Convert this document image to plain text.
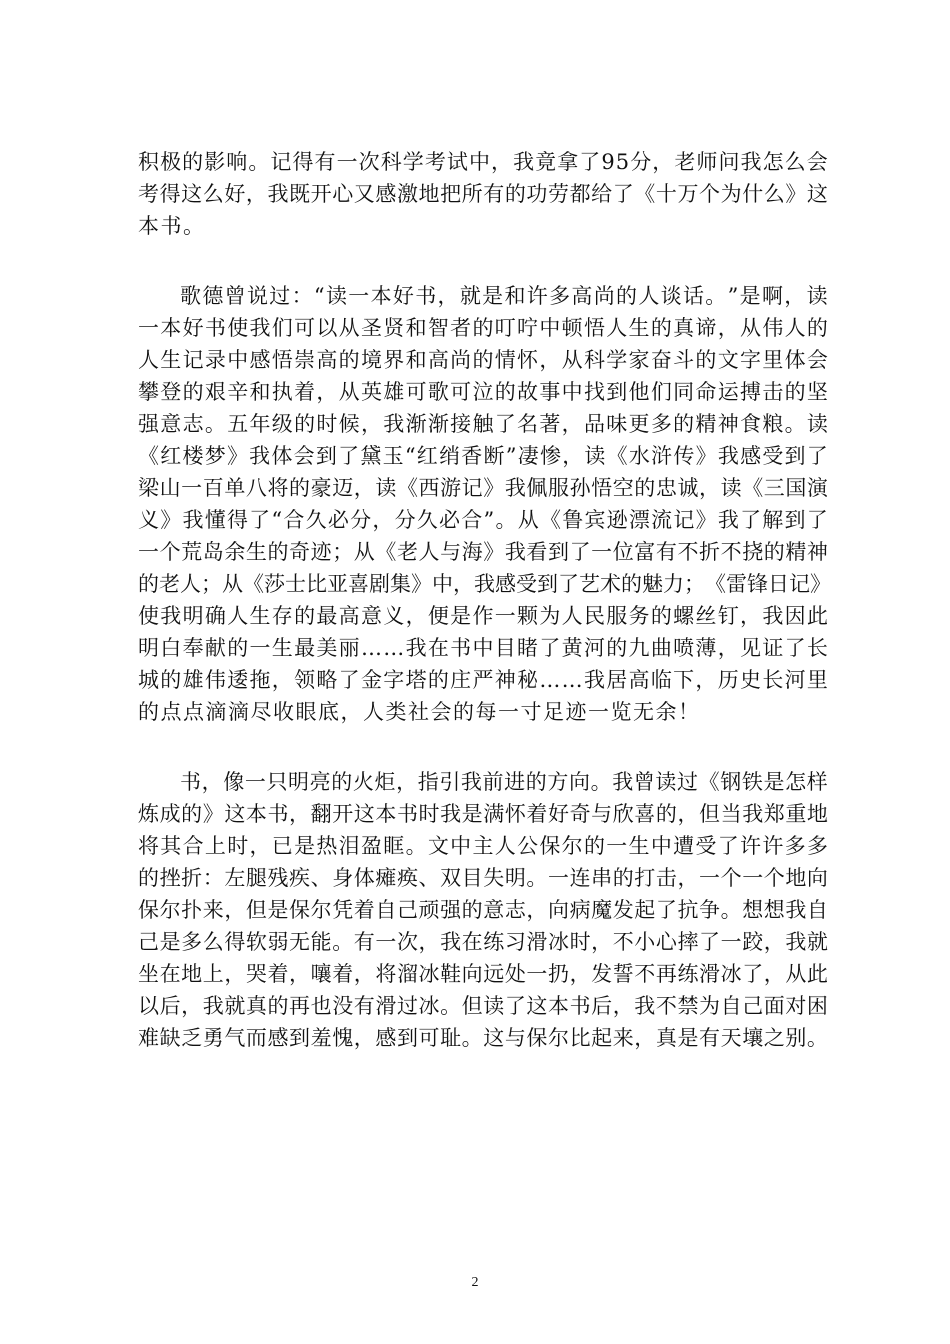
积 极 的 影 响 。 记 得 有 一 次 科 学 考 试 中 ， 我 竟 拿 了 9 5 分 ， 老 师 问 我 怎 么 会
考 得 这 么 好 ， 我 既 开 心 又 感 激 地 把 所 有 的 功 劳 都 给 了 《 十 万 个 为 什 么 》 这
本书。
歌 德 曾 说 过 ： “ 读 一 本 好 书 ， 就 是 和 许 多 高 尚 的 人 谈 话 。 ” 是 啊 ， 读
一 本 好 书 使 我 们 可 以 从 圣 贤 和 智 者 的 叮 咛 中 顿 悟 人 生 的 真 谛 ， 从 伟 人 的
人 生 记 录 中 感 悟 崇 高 的 境 界 和 高 尚 的 情 怀 ， 从 科 学 家 奋 斗 的 文 字 里 体 会
攀 登 的 艰 辛 和 执 着 ， 从 英 雄 可 歌 可 泣 的 故 事 中 找 到 他 们 同 命 运 搏 击 的 坚
强 意 志 。 五 年 级 的 时 候 ， 我 渐 渐 接 触 了 名 著 ， 品 味 更 多 的 精 神 食 粮 。 读
《 红 楼 梦 》 我 体 会 到 了 黛 玉 “ 红 绡 香 断 ” 凄 惨 ， 读 《 水 浒 传 》 我 感 受 到 了
梁 山 一 百 单 八 将 的 豪 迈 ， 读 《 西 游 记 》 我 佩 服 孙 悟 空 的 忠 诚 ， 读 《 三 国 演
义 》 我 懂 得 了 “ 合 久 必 分 ， 分 久 必 合 ” 。 从 《 鲁 宾 逊 漂 流 记 》 我 了 解 到 了
一 个 荒 岛 余 生 的 奇 迹 ； 从 《 老 人 与 海 》 我 看 到 了 一 位 富 有 不 折 不 挠 的 精 神
的 老 人 ； 从 《 莎 士 比 亚 喜 剧 集 》 中 ， 我 感 受 到 了 艺 术 的 魅 力 ； 《 雷 锋 日 记 》
使 我 明 确 人 生 存 的 最 高 意 义 ， 便 是 作 一 颗 为 人 民 服 务 的 螺 丝 钉 ， 我 因 此
明 白 奉 献 的 一 生 最 美 丽 … … 我 在 书 中 目 睹 了 黄 河 的 九 曲 喷 薄 ， 见 证 了 长
城 的 雄 伟 逶 拖 ， 领 略 了 金 字 塔 的 庄 严 神 秘 … … 我 居 高 临 下 ， 历 史 长 河 里
的点点滴滴尽收眼底，人类社会的每一寸足迹一览无余！
书 ， 像 一 只 明 亮 的 火 炬 ， 指 引 我 前 进 的 方 向 。 我 曾 读 过 《 钢 铁 是 怎 样
炼 成 的 》 这 本 书 ， 翻 开 这 本 书 时 我 是 满 怀 着 好 奇 与 欣 喜 的 ， 但 当 我 郑 重 地
将 其 合 上 时 ， 已 是 热 泪 盈 眶 。 文 中 主 人 公 保 尔 的 一 生 中 遭 受 了 许 许 多 多
的 挫 折 ： 左 腿 残 疾 、 身 体 瘫 痪 、 双 目 失 明 。 一 连 串 的 打 击 ， 一 个 一 个 地 向
保 尔 扑 来 ， 但 是 保 尔 凭 着 自 己 顽 强 的 意 志 ， 向 病 魔 发 起 了 抗 争 。 想 想 我 自
己 是 多 么 得 软 弱 无 能 。 有 一 次 ， 我 在 练 习 滑 冰 时 ， 不 小 心 摔 了 一 跤 ， 我 就
坐 在 地 上 ， 哭 着 ， 嚷 着 ， 将 溜 冰 鞋 向 远 处 一 扔 ， 发 誓 不 再 练 滑 冰 了 ， 从 此
以 后 ， 我 就 真 的 再 也 没 有 滑 过 冰 。 但 读 了 这 本 书 后 ， 我 不 禁 为 自 己 面 对 困
难 缺 乏 勇 气 而 感 到 羞 愧 ， 感 到 可 耻 。 这 与 保 尔 比 起 来 ， 真 是 有 天 壤 之 别 。
2
